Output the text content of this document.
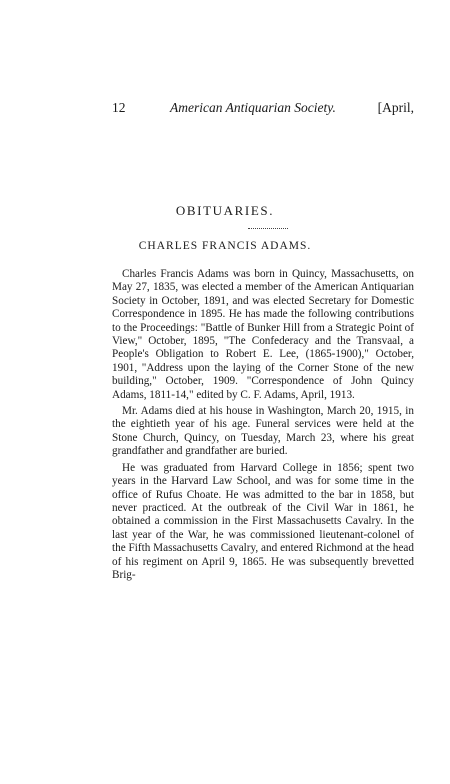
12	American Antiquarian Society.	[April,
OBITUARIES.
CHARLES FRANCIS ADAMS.

Charles Francis Adams was born in Quincy, Massachusetts, on May 27, 1835, was elected a member of the American Antiquarian Society in October, 1891, and was elected Secretary for Domestic Correspondence in 1895. He has made the following contributions to the Proceedings: "Battle of Bunker Hill from a Strategic Point of View," October, 1895, "The Confederacy and the Transvaal, a People's Obligation to Robert E. Lee, (1865-1900)," October, 1901, "Address upon the laying of the Corner Stone of the new building," October, 1909. "Correspondence of John Quincy Adams, 1811-14," edited by C. F. Adams, April, 1913.

Mr. Adams died at his house in Washington, March 20, 1915, in the eightieth year of his age. Funeral services were held at the Stone Church, Quincy, on Tuesday, March 23, where his great grandfather and grandfather are buried.

He was graduated from Harvard College in 1856; spent two years in the Harvard Law School, and was for some time in the office of Rufus Choate. He was admitted to the bar in 1858, but never practiced. At the outbreak of the Civil War in 1861, he obtained a commission in the First Massachusetts Cavalry. In the last year of the War, he was commissioned lieutenant-colonel of the Fifth Massachusetts Cavalry, and entered Richmond at the head of his regiment on April 9, 1865. He was subsequently brevetted Brig-
